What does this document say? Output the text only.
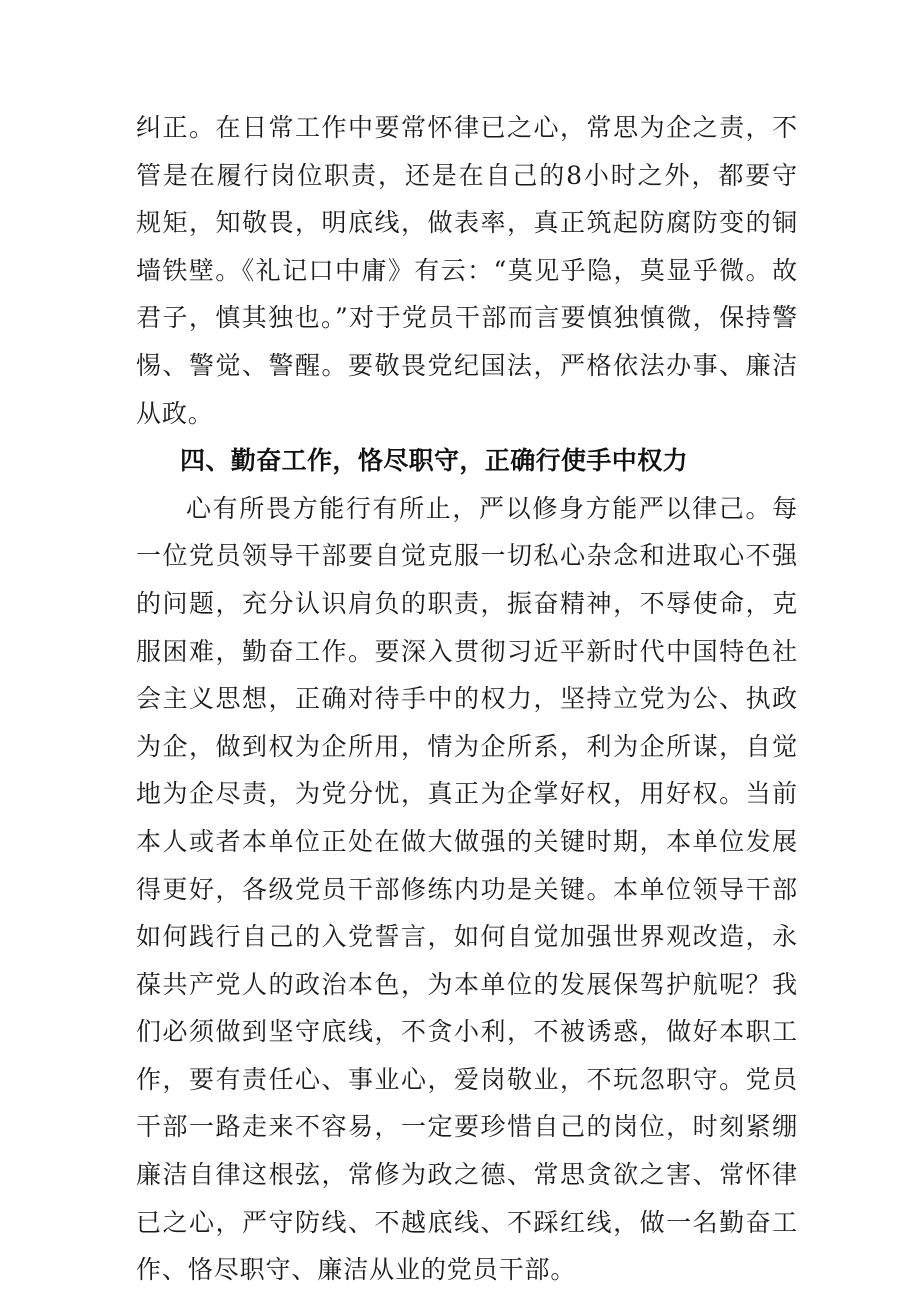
纠正。在日常工作中要常怀律已之心，常思为企之责，不管是在履行岗位职责，还是在自己的8小时之外，都要守规矩，知敬畏，明底线，做表率，真正筑起防腐防变的铜墙铁壁。《礼记口中庸》有云：“莫见乎隐，莫显乎微。故君子，慎其独也。”对于党员干部而言要慎独慎微，保持警惕、警觉、警醒。要敬畏党纪国法，严格依法办事、廉洁从政。

四、勤奋工作，恪尽职守，正确行使手中权力

心有所畏方能行有所止，严以修身方能严以律己。每一位党员领导干部要自觉克服一切私心杂念和进取心不强的问题，充分认识肩负的职责，振奋精神，不辱使命，克服困难，勤奋工作。要深入贯彻习近平新时代中国特色社会主义思想，正确对待手中的权力，坚持立党为公、执政为企，做到权为企所用，情为企所系，利为企所谋，自觉地为企尽责，为党分忧，真正为企掌好权，用好权。当前本人或者本单位正处在做大做强的关键时期，本单位发展得更好，各级党员干部修练内功是关键。本单位领导干部如何践行自己的入党誓言，如何自觉加强世界观改造，永葆共产党人的政治本色，为本单位的发展保驾护航呢？我们必须做到坚守底线，不贪小利，不被诱惑，做好本职工作，要有责任心、事业心，爱岗敬业，不玩忽职守。党员干部一路走来不容易，一定要珍惜自己的岗位，时刻紧绷廉洁自律这根弦，常修为政之德、常思贪欲之害、常怀律已之心，严守防线、不越底线、不踩红线，做一名勤奋工作、恪尽职守、廉洁从业的党员干部。
